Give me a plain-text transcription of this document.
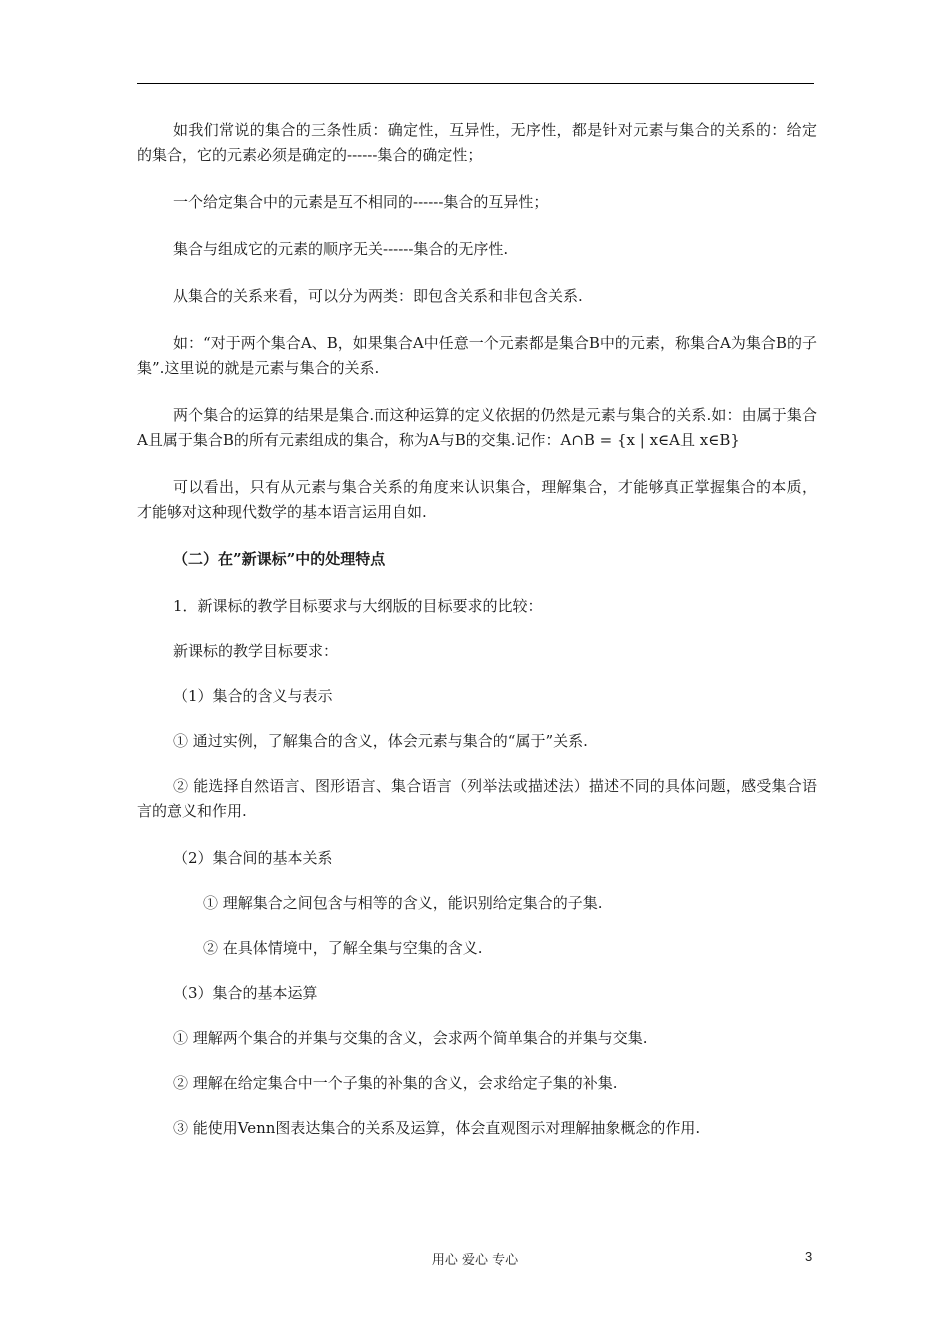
如我们常说的集合的三条性质：确定性，互异性，无序性，都是针对元素与集合的关系的：给定的集合，它的元素必须是确定的------集合的确定性；

一个给定集合中的元素是互不相同的------集合的互异性；

集合与组成它的元素的顺序无关------集合的无序性.

从集合的关系来看，可以分为两类：即包含关系和非包含关系.

如：“对于两个集合A、B，如果集合A中任意一个元素都是集合B中的元素，称集合A为集合B的子集”.这里说的就是元素与集合的关系.

两个集合的运算的结果是集合.而这种运算的定义依据的仍然是元素与集合的关系.如：由属于集合A且属于集合B的所有元素组成的集合，称为A与B的交集.记作：A∩B = {x | x∈A且 x∈B}

可以看出，只有从元素与集合关系的角度来认识集合，理解集合，才能够真正掌握集合的本质，才能够对这种现代数学的基本语言运用自如.

（二）在”新课标”中的处理特点

1．新课标的教学目标要求与大纲版的目标要求的比较：

新课标的教学目标要求：

（1）集合的含义与表示

① 通过实例，了解集合的含义，体会元素与集合的“属于”关系.

② 能选择自然语言、图形语言、集合语言（列举法或描述法）描述不同的具体问题，感受集合语言的意义和作用.

（2）集合间的基本关系

① 理解集合之间包含与相等的含义，能识别给定集合的子集.

② 在具体情境中，了解全集与空集的含义.

（3）集合的基本运算

① 理解两个集合的并集与交集的含义，会求两个简单集合的并集与交集.

② 理解在给定集合中一个子集的补集的含义，会求给定子集的补集.

③ 能使用Venn图表达集合的关系及运算，体会直观图示对理解抽象概念的作用.

用心 爱心 专心	3
